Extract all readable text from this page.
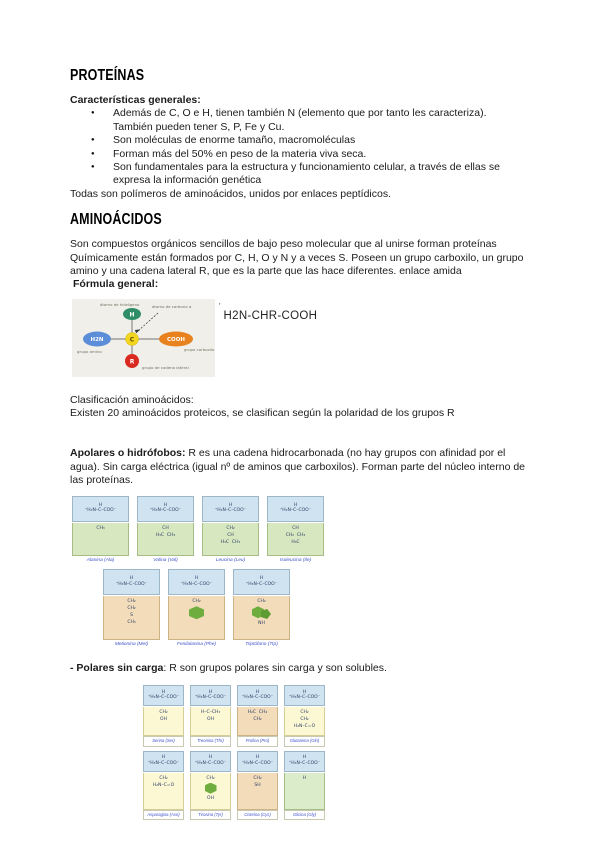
PROTEÍNAS

Características generales:

● Además de C, O e H, tienen también N (elemento que por tanto les caracteriza). También pueden tener S, P, Fe y Cu.
● Son moléculas de enorme tamaño, macromoléculas
● Forman más del 50% en peso de la materia viva seca.
● Son fundamentales para la estructura y funcionamiento celular, a través de ellas se expresa la información genética

Todas son polímeros de aminoácidos, unidos por enlaces peptídicos.

AMINOÁCIDOS

Son compuestos orgánicos sencillos de bajo peso molecular que al unirse forman proteínas Químicamente están formados por C, H, O y N y a veces S. Poseen un grupo carboxilo, un grupo amino y una cadena lateral R, que es la parte que las hace diferentes. enlace amida

Fórmula general:

H
H2N	C	COOH
R
átomo de hidrógeno	átomo de carbono α
grupo amino	grupo carboxilo
grupo de cadena lateral
'
H2N-CHR-COOH

Clasificación aminoácidos:

Existen 20 aminoácidos proteicos, se clasifican según la polaridad de los grupos R

Apolares o hidrófobos: R es una cadena hidrocarbonada (no hay grupos con afinidad por el agua). Sin carga eléctrica (igual nº de aminos que carboxilos). Forman parte del núcleo interno de las proteínas.

H
⁺H₃N–C–COO⁻
CH₃
Alanina (Ala)
H
⁺H₃N–C–COO⁻
CH
H₃C  CH₃
Valina (Val)
H
⁺H₃N–C–COO⁻
CH₂
CH
H₃C  CH₃
Leucina (Leu)
H
⁺H₃N–C–COO⁻
CH
CH₂  CH₃
H₃C
Isoleucina (Ile)
H
⁺H₃N–C–COO⁻
CH₂
CH₂
S
CH₃
Metionina (Met)
H
⁺H₃N–C–COO⁻
CH₂
Fenilalanina (Phe)
H
⁺H₃N–C–COO⁻
CH₂
NH
Triptófano (Trp)

- Polares sin carga: R son grupos polares sin carga y son solubles.

H
⁺H₃N–C–COO⁻
CH₂
OH
Serina (Ser)
H
⁺H₃N–C–COO⁻
H–C–CH₃
OH
Treonina (Thr)
H
⁺H₃N–C–COO⁻
H₂C  CH₂
CH₂
Prolina (Pro)
H
⁺H₃N–C–COO⁻
CH₂
CH₂
H₂N–C=O
Glutamina (Gln)
H
⁺H₃N–C–COO⁻
CH₂
H₂N–C=O
Asparagina (Asn)
H
⁺H₃N–C–COO⁻
CH₂
OH
Tirosina (Tyr)
H
⁺H₃N–C–COO⁻
CH₂
SH
Cisteína (Cys)
H
⁺H₃N–C–COO⁻
H
Glicina (Gly)
